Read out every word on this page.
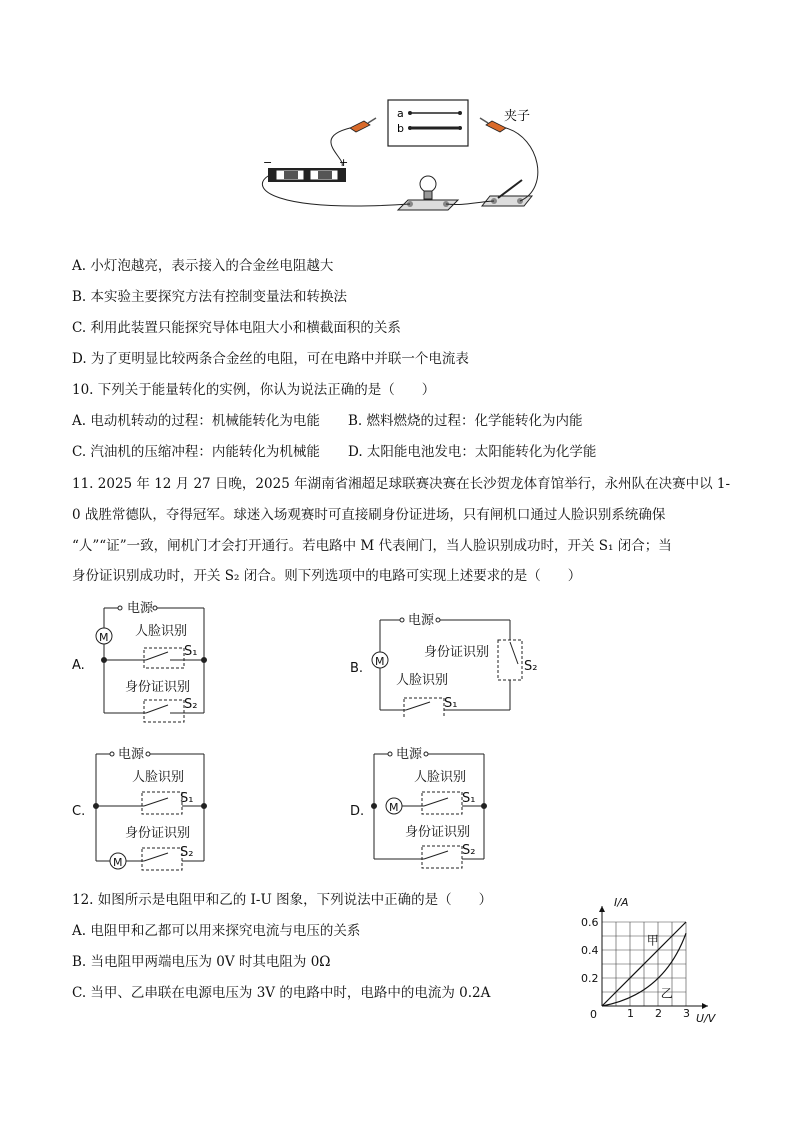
a
b
夹子
−	+
A. 小灯泡越亮，表示接入的合金丝电阻越大
B. 本实验主要探究方法有控制变量法和转换法
C. 利用此装置只能探究导体电阻大小和横截面积的关系
D. 为了更明显比较两条合金丝的电阻，可在电路中并联一个电流表
10. 下列关于能量转化的实例，你认为说法正确的是（　　）
A. 电动机转动的过程：机械能转化为电能 B. 燃料燃烧的过程：化学能转化为内能
C. 汽油机的压缩冲程：内能转化为机械能 D. 太阳能电池发电：太阳能转化为化学能
11. 2025 年 12 月 27 日晚，2025 年湖南省湘超足球联赛决赛在长沙贺龙体育馆举行，永州队在决赛中以 1-
0 战胜常德队，夺得冠军。球迷入场观赛时可直接刷身份证进场，只有闸机口通过人脸识别系统确保
“人”“证”一致，闸机门才会打开通行。若电路中 M 代表闸门，当人脸识别成功时，开关 S₁ 闭合；当
身份证识别成功时，开关 S₂ 闭合。则下列选项中的电路可实现上述要求的是（　　）
A.
电源
M 人脸识别
S₁
身份证识别
S₂
B.
电源
S₂
身份证识别
M
人脸识别
S₁
C.
电源
人脸识别
S₁
M
身份证识别
S₂
D.
电源
M
人脸识别
S₁
身份证识别
S₂
12. 如图所示是电阻甲和乙的 I-U 图象，下列说法中正确的是（　　）
A. 电阻甲和乙都可以用来探究电流与电压的关系
B. 当电阻甲两端电压为 0V 时其电阻为 0Ω
C. 当甲、乙串联在电源电压为 3V 的电路中时，电路中的电流为 0.2A
1 2 3
0.2
0.4
0.6
甲
乙
I/A
U/V
0
